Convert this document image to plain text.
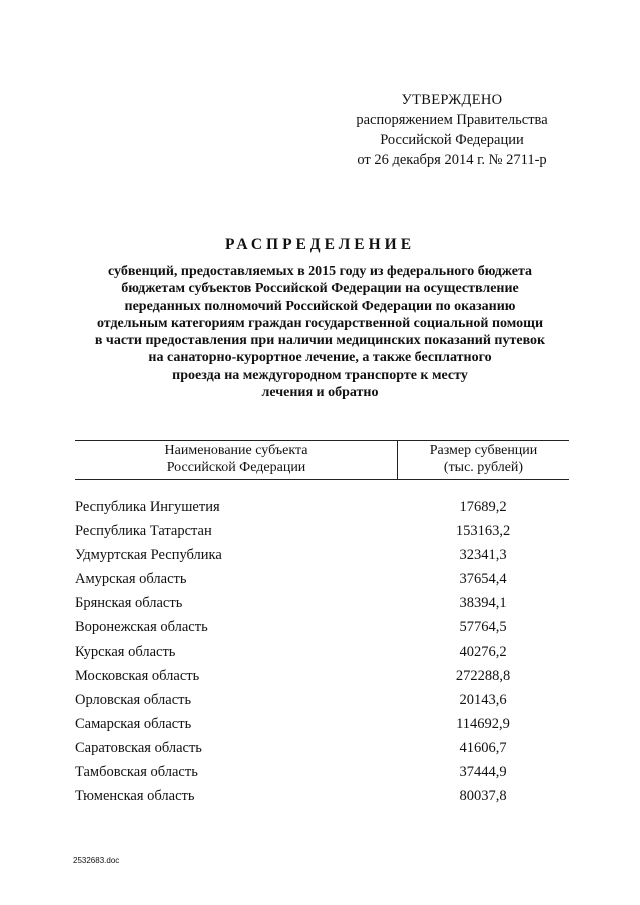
УТВЕРЖДЕНО
распоряжением Правительства
Российской Федерации
от 26 декабря 2014 г. № 2711-р
РАСПРЕДЕЛЕНИЕ
субвенций, предоставляемых в 2015 году из федерального бюджета
бюджетам субъектов Российской Федерации на осуществление
переданных полномочий Российской Федерации по оказанию
отдельным категориям граждан государственной социальной помощи
в части предоставления при наличии медицинских показаний путевок
на санаторно-курортное лечение, а также бесплатного
проезда на междугородном транспорте к месту
лечения и обратно
Наименование субъекта
Российской Федерации
Размер субвенции
(тыс. рублей)
Республика Ингушетия	17689,2
Республика Татарстан	153163,2
Удмуртская Республика	32341,3
Амурская область	37654,4
Брянская область	38394,1
Воронежская область	57764,5
Курская область	40276,2
Московская область	272288,8
Орловская область	20143,6
Самарская область	114692,9
Саратовская область	41606,7
Тамбовская область	37444,9
Тюменская область	80037,8
2532683.doc
